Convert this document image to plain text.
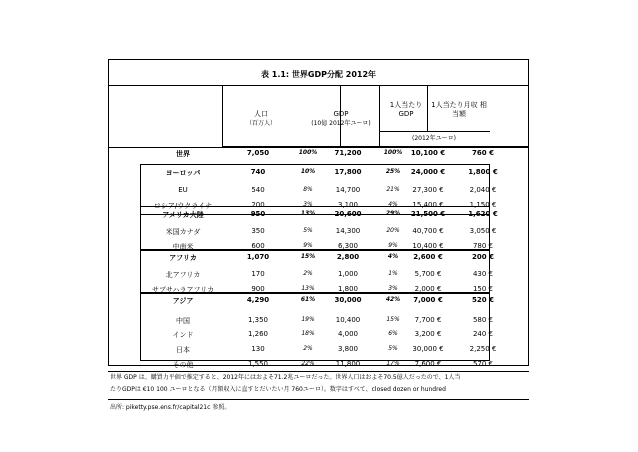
表 1.1: 世界GDP分配 2012年
人口
（百万人）
GDP
(10億 2012年ユーロ)
1人当たり GDP
1人当たり月収 相当額
(2012年ユーロ)
世界	7,050	100%	71,200	100%	10,100 €	760 €
ヨーロッパ	740	10%	17,800	25%	24,000 €	1,800 €
EU	540	8%	14,700	21%	27,300 €	2,040 €
ロシア/ウクライナ	200	3%	3,100	4%	15,400 €	1,150 €
アメリカ大陸	950	13%	20,600	29%	21,500 €	1,620 €
米国カナダ	350	5%	14,300	20%	40,700 €	3,050 €
中南米	600	9%	6,300	9%	10,400 €	780 €
アフリカ	1,070	15%	2,800	4%	2,600 €	200 €
北アフリカ	170	2%	1,000	1%	5,700 €	430 €
サブサハラアフリカ	900	13%	1,800	3%	2,000 €	150 €
アジア	4,290	61%	30,000	42%	7,000 €	520 €
中国	1,350	19%	10,400	15%	7,700 €	580 €
インド	1,260	18%	4,000	6%	3,200 €	240 €
日本	130	2%	3,800	5%	30,000 €	2,250 €
その他	1,550	22%	11,800	17%	7,600 €	570 €
世界 GDP は、購買力平価で推定すると、2012年にはおよそ71.2兆ユーロだった。世界人口はおよそ70.5億人だったので、1人当
たりGDPは €10 100 ユーロとなる（月額収入に直すとだいたい月 760ユーロ）。数字はすべて、closed dozen or hundred
出所: piketty.pse.ens.fr/capital21c 参照。
